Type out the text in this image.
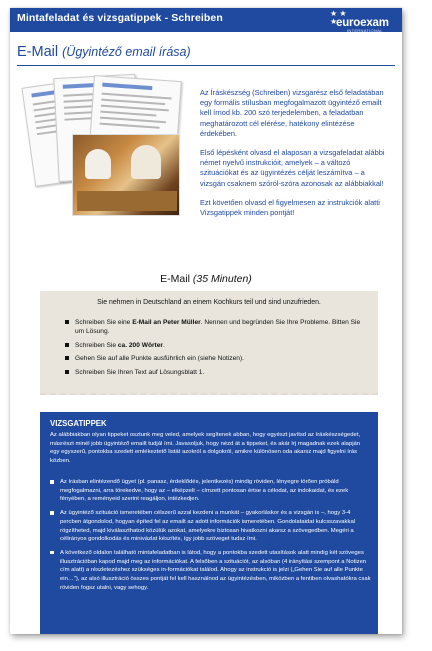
Mintafeladat és vizsgatippek - Schreiben	★ ★
★
euroexam
INTERNATIONAL
E-Mail (Ügyintéző email írása)

Az Íráskészség (Schreiben) vizsgarész első feladatában egy formális stílusban megfogalmazott ügyintéző emailt kell írnod kb. 200 szó terjedelemben, a feladatban meghatározott cél elérése, hatékony elintézése érdekében.

Első lépésként olvasd el alaposan a vizsgafeladat alábbi német nyelvű instrukcióit, amelyek – a változó szituációkat és az ügyintézés célját leszámítva – a vizsgán csaknem szóról-szóra azonosak az alábbiakkal!

Ezt követően olvasd el figyelmesen az instrukciók alatti Vizsgatippek minden pontját!

E-Mail (35 Minuten)
Sie nehmen in Deutschland an einem Kochkurs teil und sind unzufrieden.
Schreiben Sie eine E-Mail an Peter Müller. Nennen und begründen Sie Ihre Probleme. Bitten Sie um Lösung.
Schreiben Sie ca. 200 Wörter.
Gehen Sie auf alle Punkte ausführlich ein (siehe Notizen).
Schreiben Sie Ihren Text auf Lösungsblatt 1.
VIZSGATIPPEK
Az alábbiakban olyan tippeket osztunk meg veled, amelyek segítenek abban, hogy egyészt javítsd az íráskészségedet, másrészt minél jobb ügyintéző emailt tudjál írni. Javasoljuk, hogy nézd át a tippeket, és akár írj magadnak ezek alapján egy egyszerű, pontokba szedett emlékeztető listát azokról a dolgokról, amikre különösen oda akarsz majd figyelni írás közben.
Az írásban elintézendő ügyet (pl. panasz, érdeklődés, jelentkezés) mindig röviden, lényegre törően próbáld megfogalmazni, arra törekedve, hogy az – elképzelt – címzett pontosan értse a célodat, az indokaidat, és ezek fényében, a reményeid szerint reagáljon, intézkedjen.
Az ügyintéző szituáció ismeretében célszerű azzal kezdeni a munkát – gyakorláskor és a vizsgán is –, hogy 3-4 percben átgondolod, hogyan építed fel az emailt az adott információk ismeretében. Gondolataidat kulcsszavakkal rögzítheted, majd kiválaszthatod közülük azokat, amelyekre biztosan hivatkozni akarsz a szövegedben. Megéri a célirányos gondolkodás és minivázlat készítés, így jobb szöveget tudsz írni.
A következő oldalon található mintafeladatban is látod, hogy a pontokba szedett utasítások alatt mindig két szöveges illusztrációban kapod majd meg az információkat. A felsőben a szituációt, az alsóban (4 irányítási szempont a Notizen cím alatt) a részletezéshez szükséges in-formációkat találod. Ahogy az instrukció is jelzi („Gehen Sie auf alle Punkte ein…"), az alsó illusztráció összes pontját fel kell használnod az ügyintézésben, miközben a fentiben olvashatókra csak röviden fogsz utalni, vagy sehogy.
